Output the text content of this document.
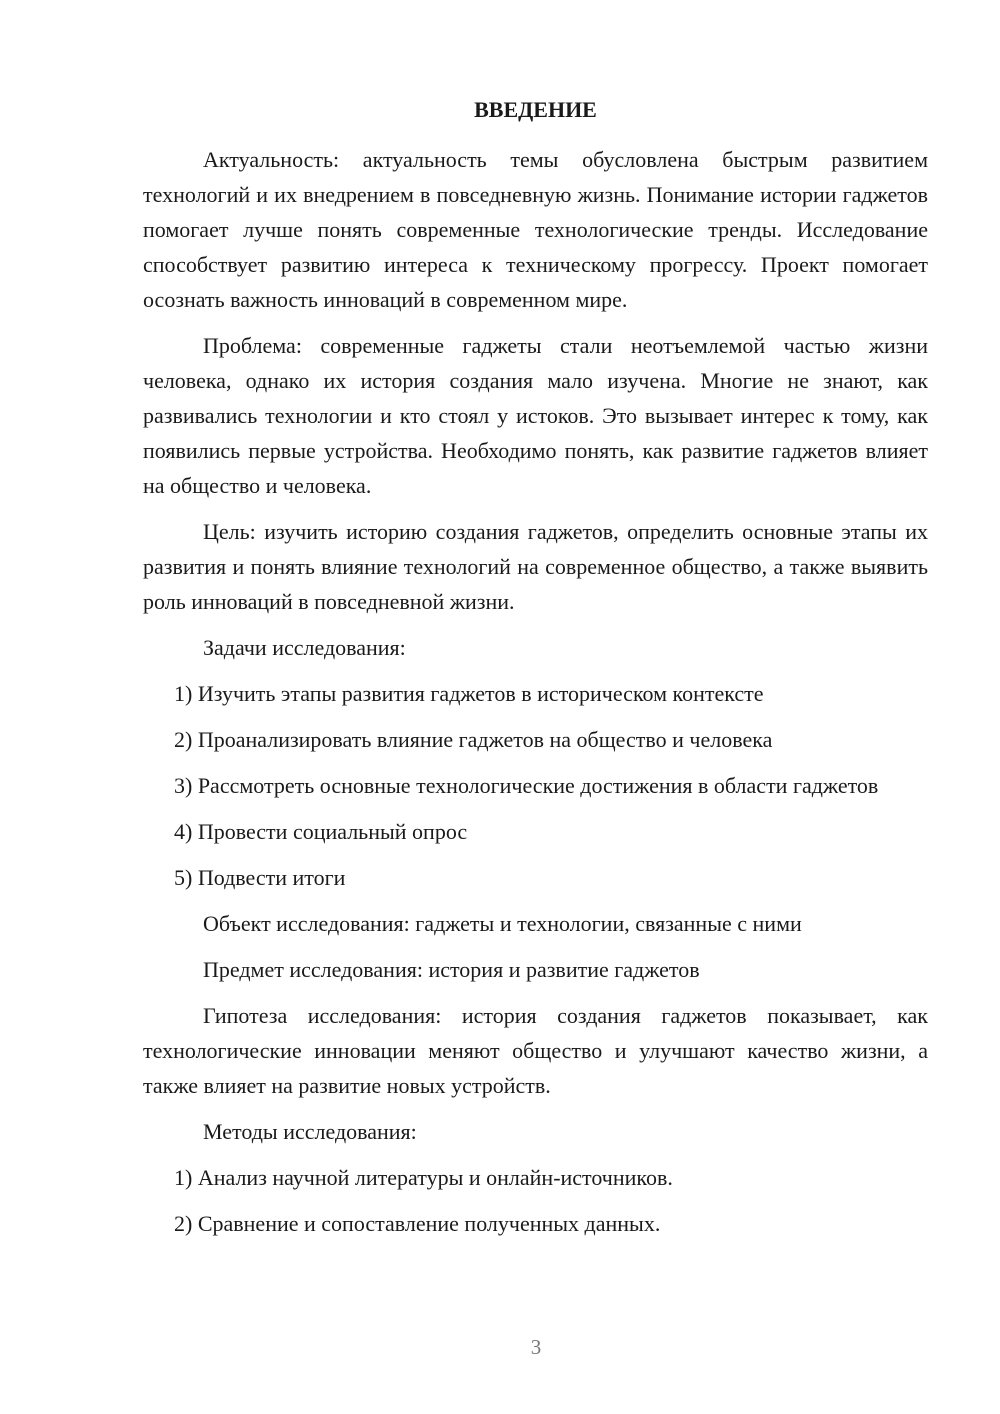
ВВЕДЕНИЕ

Актуальность: актуальность темы обусловлена быстрым развитием технологий и их внедрением в повседневную жизнь. Понимание истории гаджетов помогает лучше понять современные технологические тренды. Исследование способствует развитию интереса к техническому прогрессу. Проект помогает осознать важность инноваций в современном мире.

Проблема: современные гаджеты стали неотъемлемой частью жизни человека, однако их история создания мало изучена. Многие не знают, как развивались технологии и кто стоял у истоков. Это вызывает интерес к тому, как появились первые устройства. Необходимо понять, как развитие гаджетов влияет на общество и человека.

Цель: изучить историю создания гаджетов, определить основные этапы их развития и понять влияние технологий на современное общество, а также выявить роль инноваций в повседневной жизни.

Задачи исследования:

1) Изучить этапы развития гаджетов в историческом контексте

2) Проанализировать влияние гаджетов на общество и человека

3) Рассмотреть основные технологические достижения в области гаджетов

4) Провести социальный опрос

5) Подвести итоги

Объект исследования: гаджеты и технологии, связанные с ними

Предмет исследования: история и развитие гаджетов

Гипотеза исследования: история создания гаджетов показывает, как технологические инновации меняют общество и улучшают качество жизни, а также влияет на развитие новых устройств.

Методы исследования:

1) Анализ научной литературы и онлайн-источников.

2) Сравнение и сопоставление полученных данных.

3
